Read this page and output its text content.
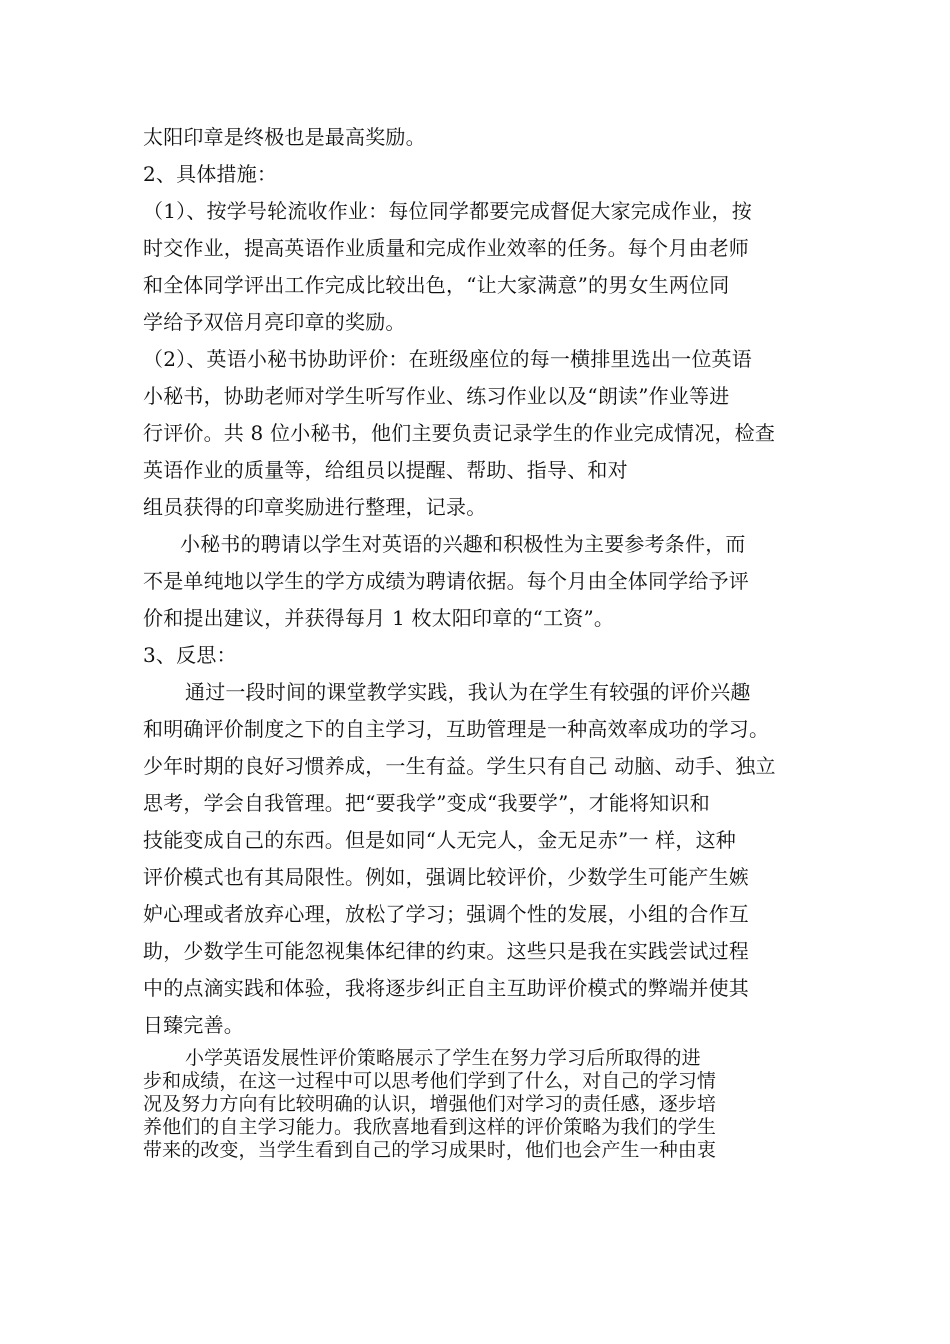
太阳印章是终极也是最高奖励。
2、具体措施：
（1）、按学号轮流收作业：每位同学都要完成督促大家完成作业，按
时交作业，提高英语作业质量和完成作业效率的任务。每个月由老师
和全体同学评出工作完成比较出色，“让大家满意”的男女生两位同
学给予双倍月亮印章的奖励。
（2）、英语小秘书协助评价：在班级座位的每一横排里选出一位英语
小秘书，协助老师对学生听写作业、练习作业以及“朗读”作业等进
行评价。共 8 位小秘书，他们主要负责记录学生的作业完成情况，检查
英语作业的质量等，给组员以提醒、帮助、指导、和对
组员获得的印章奖励进行整理，记录。
小秘书的聘请以学生对英语的兴趣和积极性为主要参考条件，而
不是单纯地以学生的学方成绩为聘请依据。每个月由全体同学给予评
价和提出建议，并获得每月 1 枚太阳印章的“工资”。
3、反思：
通过一段时间的课堂教学实践，我认为在学生有较强的评价兴趣
和明确评价制度之下的自主学习，互助管理是一种高效率成功的学习。
少年时期的良好习惯养成，一生有益。学生只有自己 动脑、动手、独立
思考，学会自我管理。把“要我学”变成“我要学”，才能将知识和
技能变成自己的东西。但是如同“人无完人，金无足赤”一 样，这种
评价模式也有其局限性。例如，强调比较评价，少数学生可能产生嫉
妒心理或者放弃心理，放松了学习；强调个性的发展，小组的合作互
助，少数学生可能忽视集体纪律的约束。这些只是我在实践尝试过程
中的点滴实践和体验，我将逐步纠正自主互助评价模式的弊端并使其
日臻完善。
小学英语发展性评价策略展示了学生在努力学习后所取得的进
步和成绩，在这一过程中可以思考他们学到了什么，对自己的学习情
况及努力方向有比较明确的认识，增强他们对学习的责任感，逐步培
养他们的自主学习能力。我欣喜地看到这样的评价策略为我们的学生
带来的改变，当学生看到自己的学习成果时，他们也会产生一种由衷
